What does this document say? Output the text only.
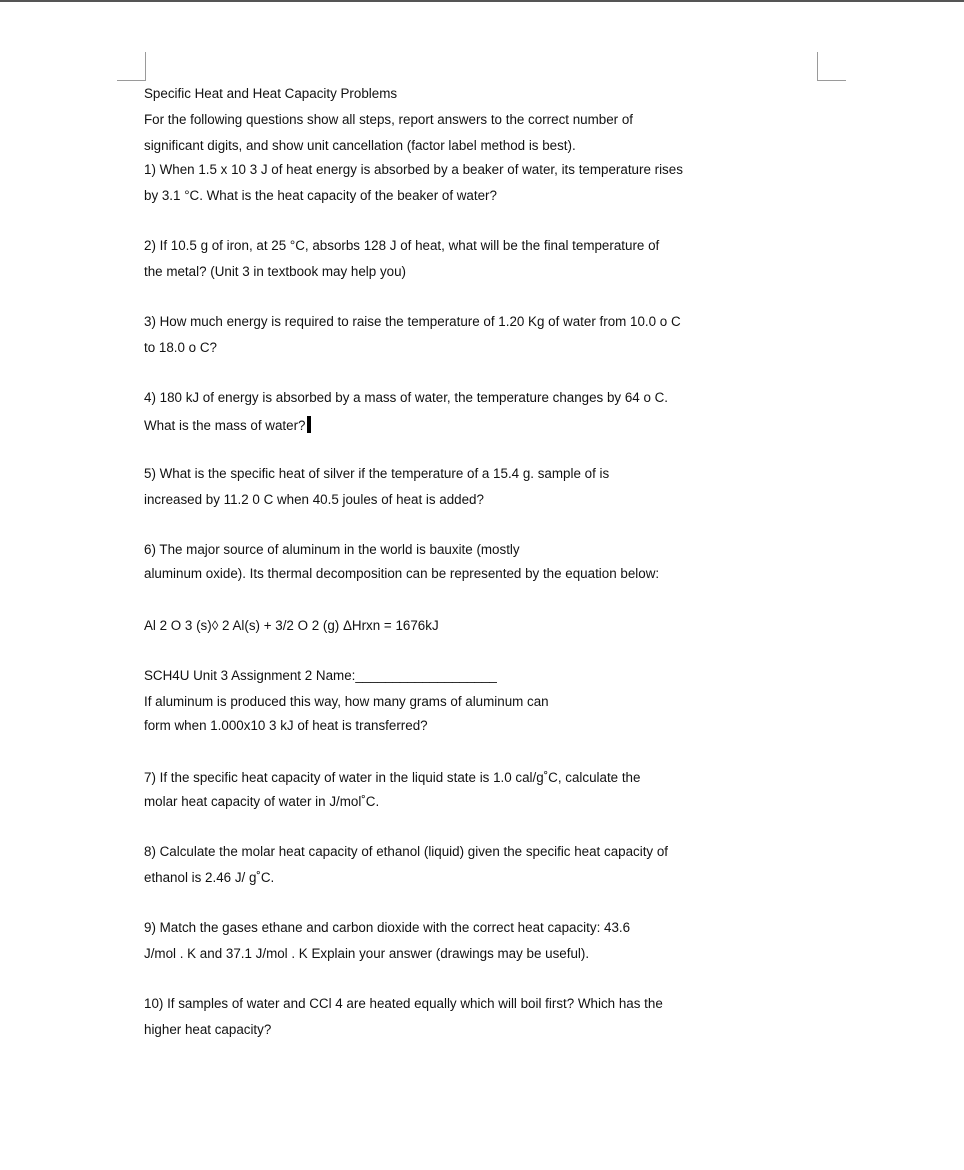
Specific Heat and Heat Capacity Problems
For the following questions show all steps, report answers to the correct number of
significant digits, and show unit cancellation (factor label method is best).
1) When 1.5 x 10 3 J of heat energy is absorbed by a beaker of water, its temperature rises
by 3.1 °C. What is the heat capacity of the beaker of water?
2) If 10.5 g of iron, at 25 °C, absorbs 128 J of heat, what will be the final temperature of
the metal? (Unit 3 in textbook may help you)
3) How much energy is required to raise the temperature of 1.20 Kg of water from 10.0 o C
to 18.0 o C?
4) 180 kJ of energy is absorbed by a mass of water, the temperature changes by 64 o C.
What is the mass of water?
5) What is the specific heat of silver if the temperature of a 15.4 g. sample of is
increased by 11.2 0 C when 40.5 joules of heat is added?
6) The major source of aluminum in the world is bauxite (mostly
aluminum oxide). Its thermal decomposition can be represented by the equation below:
Al 2 O 3 (s)◊ 2 Al(s) + 3/2 O 2 (g) ΔHrxn = 1676kJ
SCH4U Unit 3 Assignment 2 Name:___________________
If aluminum is produced this way, how many grams of aluminum can
form when 1.000x10 3 kJ of heat is transferred?
7) If the specific heat capacity of water in the liquid state is 1.0 cal/g˚C, calculate the
molar heat capacity of water in J/mol˚C.
8) Calculate the molar heat capacity of ethanol (liquid) given the specific heat capacity of
ethanol is 2.46 J/ g˚C.
9) Match the gases ethane and carbon dioxide with the correct heat capacity: 43.6
J/mol . K and 37.1 J/mol . K Explain your answer (drawings may be useful).
10) If samples of water and CCl 4 are heated equally which will boil first? Which has the
higher heat capacity?
